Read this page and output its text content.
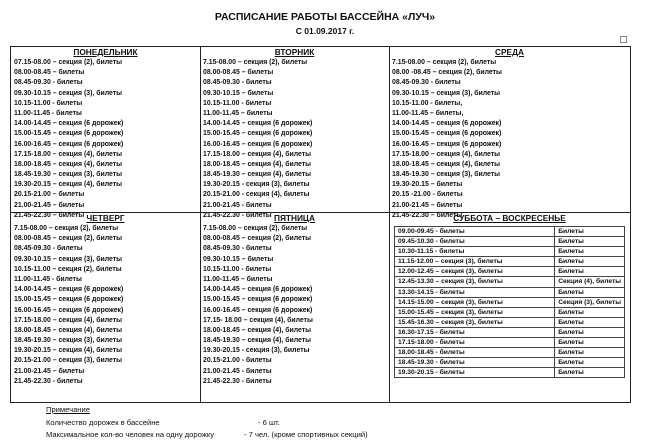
РАСПИСАНИЕ РАБОТЫ БАССЕЙНА «ЛУЧ»
С 01.09.2017 г.
ПОНЕДЕЛЬНИК
07.15-08.00 – секция (2), билеты
08.00-08.45 – билеты
08.45-09.30 - билеты
09.30-10.15 – секция (3), билеты
10.15-11.00 - билеты
11.00-11.45 - билеты
14.00-14.45 – секция (6 дорожек)
15.00-15.45 – секция (6 дорожек)
16.00-16.45 – секция (6 дорожек)
17.15-18.00 – секция (4), билеты
18.00-18.45 – секция (4), билеты
18.45-19.30 – секция (3), билеты
19.30-20.15 – секция (4), билеты
20.15-21.00 – билеты
21.00-21.45 – билеты
21.45-22.30 – билеты
ВТОРНИК
7.15-08.00 – секция (2), билеты
08.00-08.45 – билеты
08.45-09.30 - билеты
09.30-10.15 – билеты
10.15-11.00 - билеты
11.00-11.45 – билеты
14.00-14.45 – секция (6 дорожек)
15.00-15.45 – секция (6 дорожек)
16.00-16.45 – секция (6 дорожек)
17.15-18.00 – секция (4), билеты
18.00-18.45 – секция (4), билеты
18.45-19.30 – секция (4), билеты
19.30-20.15 - секция (3), билеты
20.15-21.00 - секция (4), билеты
21.00-21.45 - билеты
21.45-22.30 - билеты
СРЕДА
7.15-08.00 – секция (2), билеты
08.00 -08.45 – секция (2), билеты
08.45-09.30 - билеты
09.30-10.15 – секция (3), билеты
10.15-11.00 - билеты,
11.00-11.45 – билеты,
14.00-14.45 – секция (6 дорожек)
15.00-15.45 – секция (6 дорожек)
16.00-16.45 – секция (6 дорожек)
17.15-18.00 – секция (4), билеты
18.00-18.45 – секция (4), билеты
18.45-19.30 – секция (3), билеты
19.30-20.15 – билеты
20.15 -21.00 - билеты
21.00-21.45 – билеты
21.45-22.30 – билеты
ЧЕТВЕРГ
7.15-08.00 – секция (2), билеты
08.00-08.45 – секция (2), билеты
08.45-09.30 - билеты
09.30-10.15 – секция (3), билеты
10.15-11.00 – секция (2), билеты
11.00-11.45 - билеты
14.00-14.45 – секция (6 дорожек)
15.00-15.45 – секция (6 дорожек)
16.00-16.45 – секция (6 дорожек)
17.15-18.00 – секция (4), билеты
18.00-18.45 – секция (4), билеты
18.45-19.30 – секция (3), билеты
19.30-20.15 – секция (4), билеты
20.15-21.00 – секция (3), билеты
21.00-21.45 – билеты
21.45-22.30 - билеты
ПЯТНИЦА
7.15-08.00 – секция (2), билеты
08.00-08.45 – секция (2), билеты
08.45-09.30 - билеты
09.30-10.15 – билеты
10.15-11.00 - билеты
11.00-11.45 – билеты
14.00-14.45 – секция (6 дорожек)
15.00-15.45 – секция (6 дорожек)
16.00-16.45 – секция (6 дорожек)
17.15- 18.00 – секция (4), билеты
18.00-18.45 – секция (4), билеты
18.45-19.30 – секция (4), билеты
19.30-20.15 - секция (3), билеты
20.15-21.00 - билеты
21.00-21.45 - билеты
21.45-22.30 - билеты
СУББОТА – ВОСКРЕСЕНЬЕ
09.00-09.45 - билеты	Билеты
09.45-10.30 - билеты	Билеты
10.30-11.15 - билеты	Билеты
11.15-12.00 – секция (3), билеты	Билеты
12.00-12.45 – секция (3), билеты	Билеты
12.45-13.30 – секция (3), билеты	Секция (4), билеты
13.30-14.15 - билеты	Билеты
14.15-15.00 – секция (3), билеты	Секция (3), билеты
15.00-15.45 – секция (3), билеты	Билеты
15.45-16.30 – секция (3), билеты	Билеты
16.30-17.15 - билеты	Билеты
17.15-18.00 - билеты	Билеты
18.00-18.45 - билеты	Билеты
18.45-19.30 - билеты	Билеты
19.30-20.15 - билеты	Билеты
Примечание
Количество дорожек в бассейне	- 6 шт.
Максимальное кол-во человек на одну дорожку	- 7 чел. (кроме спортивных секций)
